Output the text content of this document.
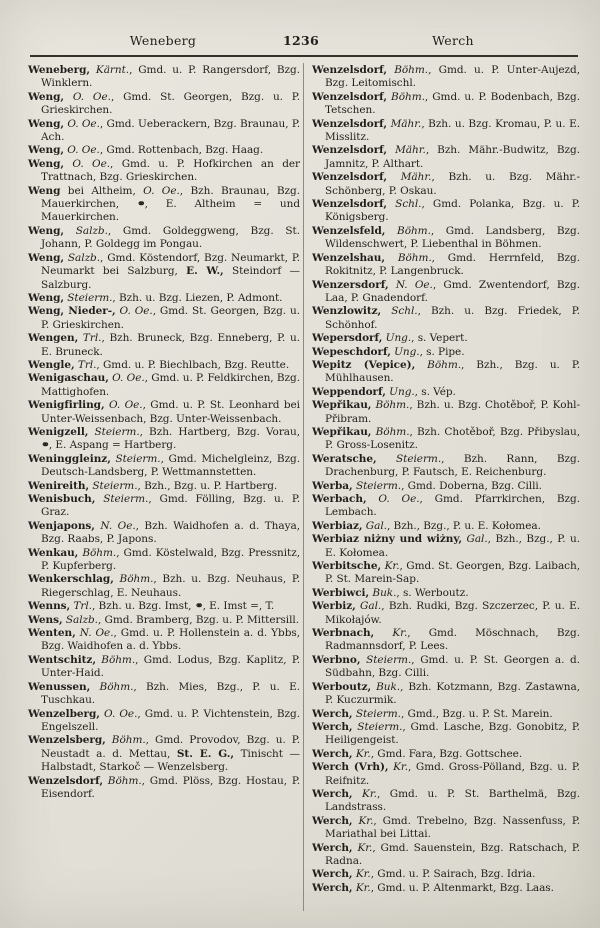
Weneberg	1236	Werch

Weneberg, Kärnt., Gmd. u. P. Rangersdorf, Bzg. Winklern.

Weng, O. Oe., Gmd. St. Georgen, Bzg. u. P. Grieskirchen.

Weng, O. Oe., Gmd. Ueberackern, Bzg. Braunau, P. Ach.

Weng, O. Oe., Gmd. Rottenbach, Bzg. Haag.

Weng, O. Oe., Gmd. u. P. Hofkirchen an der Trattnach, Bzg. Grieskirchen.

Weng bei Altheim, O. Oe., Bzh. Braunau, Bzg. Mauerkirchen, ⚭, E. Altheim = und Mauerkirchen.

Weng, Salzb., Gmd. Goldeggweng, Bzg. St. Johann, P. Goldegg im Pongau.

Weng, Salzb., Gmd. Köstendorf, Bzg. Neumarkt, P. Neumarkt bei Salzburg, E. W., Steindorf — Salzburg.

Weng, Steierm., Bzh. u. Bzg. Liezen, P. Admont.

Weng, Nieder-, O. Oe., Gmd. St. Georgen, Bzg. u. P. Grieskirchen.

Wengen, Trl., Bzh. Bruneck, Bzg. Enneberg, P. u. E. Bruneck.

Wengle, Trl., Gmd. u. P. Biechlbach, Bzg. Reutte.

Wenigaschau, O. Oe., Gmd. u. P. Feldkirchen, Bzg. Mattighofen.

Wenigfirling, O. Oe., Gmd. u. P. St. Leonhard bei Unter-Weissenbach, Bzg. Unter-Weissenbach.

Wenigzell, Steierm., Bzh. Hartberg, Bzg. Vorau, ⚭, E. Aspang = Hartberg.

Weninggleinz, Steierm., Gmd. Michelgleinz, Bzg. Deutsch-Landsberg, P. Wettmannstetten.

Wenireith, Steierm., Bzh., Bzg. u. P. Hartberg.

Wenisbuch, Steierm., Gmd. Fölling, Bzg. u. P. Graz.

Wenjapons, N. Oe., Bzh. Waidhofen a. d. Thaya, Bzg. Raabs, P. Japons.

Wenkau, Böhm., Gmd. Köstelwald, Bzg. Pressnitz, P. Kupferberg.

Wenkerschlag, Böhm., Bzh. u. Bzg. Neuhaus, P. Riegerschlag, E. Neuhaus.

Wenns, Trl., Bzh. u. Bzg. Imst, ⚭, E. Imst =, T.

Wens, Salzb., Gmd. Bramberg, Bzg. u. P. Mittersill.

Wenten, N. Oe., Gmd. u. P. Hollenstein a. d. Ybbs, Bzg. Waidhofen a. d. Ybbs.

Wentschitz, Böhm., Gmd. Lodus, Bzg. Kaplitz, P. Unter-Haid.

Wenussen, Böhm., Bzh. Mies, Bzg., P. u. E. Tuschkau.

Wenzelberg, O. Oe., Gmd. u. P. Vichtenstein, Bzg. Engelszell.

Wenzelsberg, Böhm., Gmd. Provodov, Bzg. u. P. Neustadt a. d. Mettau, St. E. G., Tinischt — Halbstadt, Starkoč — Wenzelsberg.

Wenzelsdorf, Böhm., Gmd. Plöss, Bzg. Hostau, P. Eisendorf.

Wenzelsdorf, Böhm., Gmd. u. P. Unter-Aujezd, Bzg. Leitomischl.

Wenzelsdorf, Böhm., Gmd. u. P. Bodenbach, Bzg. Tetschen.

Wenzelsdorf, Mähr., Bzh. u. Bzg. Kromau, P. u. E. Misslitz.

Wenzelsdorf, Mähr., Bzh. Mähr.-Budwitz, Bzg. Jamnitz, P. Althart.

Wenzelsdorf, Mähr., Bzh. u. Bzg. Mähr.-Schönberg, P. Oskau.

Wenzelsdorf, Schl., Gmd. Polanka, Bzg. u. P. Königsberg.

Wenzelsfeld, Böhm., Gmd. Landsberg, Bzg. Wildenschwert, P. Liebenthal in Böhmen.

Wenzelshau, Böhm., Gmd. Herrnfeld, Bzg. Rokitnitz, P. Langenbruck.

Wenzersdorf, N. Oe., Gmd. Zwentendorf, Bzg. Laa, P. Gnadendorf.

Wenzlowitz, Schl., Bzh. u. Bzg. Friedek, P. Schönhof.

Wepersdorf, Ung., s. Vepert.

Wepeschdorf, Ung., s. Pipe.

Wepitz (Vepice), Böhm., Bzh., Bzg. u. P. Mühlhausen.

Weppendorf, Ung., s. Vép.

Wepřikau, Böhm., Bzh. u. Bzg. Chotěboř, P. Kohl-Přibram.

Wepřikau, Böhm., Bzh. Chotěboř, Bzg. Přibyslau, P. Gross-Losenitz.

Weratsche, Steierm., Bzh. Rann, Bzg. Drachenburg, P. Fautsch, E. Reichenburg.

Werba, Steierm., Gmd. Doberna, Bzg. Cilli.

Werbach, O. Oe., Gmd. Pfarrkirchen, Bzg. Lembach.

Werbiaz, Gal., Bzh., Bzg., P. u. E. Kołomea.

Werbiaz niżny und wiżny, Gal., Bzh., Bzg., P. u. E. Kołomea.

Werbitsche, Kr., Gmd. St. Georgen, Bzg. Laibach, P. St. Marein-Sap.

Werbiwci, Buk., s. Werboutz.

Werbiz, Gal., Bzh. Rudki, Bzg. Szczerzec, P. u. E. Mikołajów.

Werbnach, Kr., Gmd. Möschnach, Bzg. Radmannsdorf, P. Lees.

Werbno, Steierm., Gmd. u. P. St. Georgen a. d. Südbahn, Bzg. Cilli.

Werboutz, Buk., Bzh. Kotzmann, Bzg. Zastawna, P. Kuczurmik.

Werch, Steierm., Gmd., Bzg. u. P. St. Marein.

Werch, Steierm., Gmd. Lasche, Bzg. Gonobitz, P. Heiligengeist.

Werch, Kr., Gmd. Fara, Bzg. Gottschee.

Werch (Vrh), Kr., Gmd. Gross-Pölland, Bzg. u. P. Reifnitz.

Werch, Kr., Gmd. u. P. St. Barthelmä, Bzg. Landstrass.

Werch, Kr., Gmd. Trebelno, Bzg. Nassenfuss, P. Mariathal bei Littai.

Werch, Kr., Gmd. Sauenstein, Bzg. Ratschach, P. Radna.

Werch, Kr., Gmd. u. P. Sairach, Bzg. Idria.

Werch, Kr., Gmd. u. P. Altenmarkt, Bzg. Laas.
